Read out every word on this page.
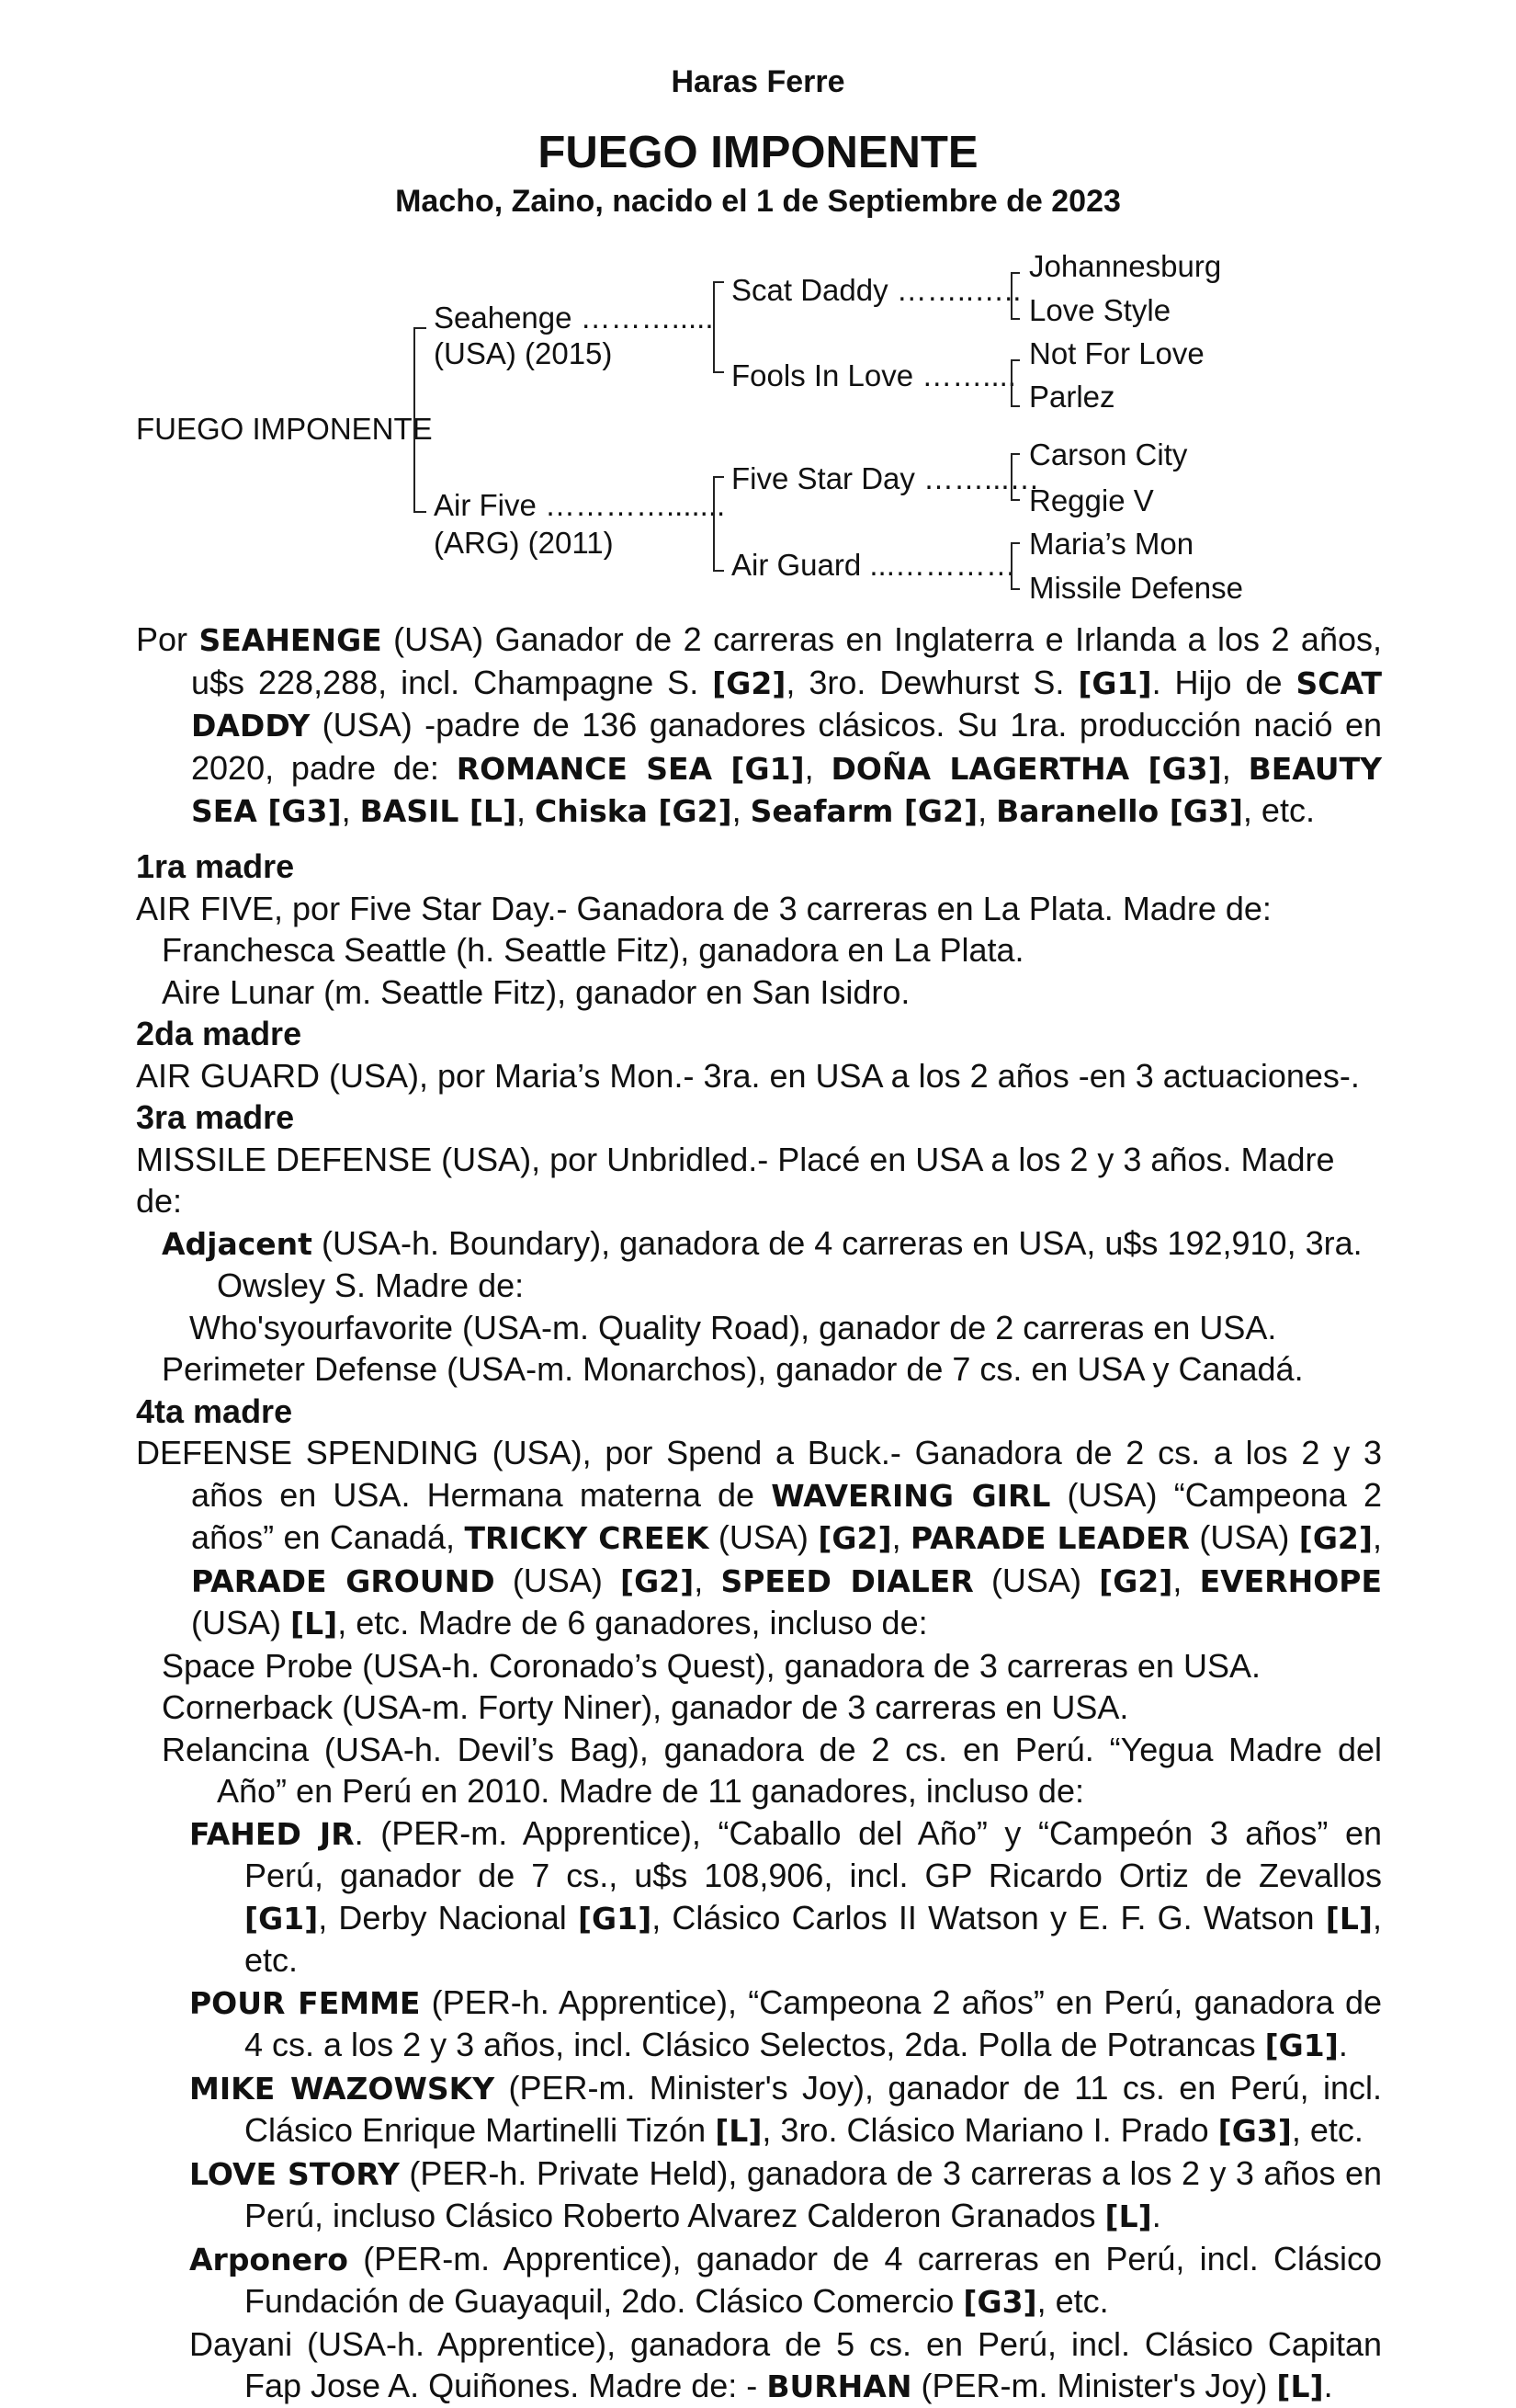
Haras Ferre
FUEGO IMPONENTE
Macho, Zaino, nacido el 1 de Septiembre de 2023
FUEGO IMPONENTE
Seahenge ……….....
(USA) (2015)
Air Five ………….......
(ARG) (2011)
Scat Daddy ……..…..
Fools In Love ……....
Five Star Day ……...…
Air Guard ...…………
Johannesburg
Love Style
Not For Love
Parlez
Carson City
Reggie V
Maria’s Mon
Missile Defense

Por SEAHENGE (USA) Ganador de 2 carreras en Inglaterra e Irlanda a los 2 años, u$s 228,288, incl. Champagne S. [G2], 3ro. Dewhurst S. [G1]. Hijo de SCAT DADDY (USA) -padre de 136 ganadores clásicos. Su 1ra. producción nació en 2020, padre de: ROMANCE SEA [G1], DOÑA LAGERTHA [G3], BEAUTY SEA [G3], BASIL [L], Chiska [G2], Seafarm [G2], Baranello [G3], etc.

1ra madre
AIR FIVE, por Five Star Day.- Ganadora de 3 carreras en La Plata. Madre de:
Franchesca Seattle (h. Seattle Fitz), ganadora en La Plata.
Aire Lunar (m. Seattle Fitz), ganador en San Isidro.
2da madre
AIR GUARD (USA), por Maria’s Mon.- 3ra. en USA a los 2 años -en 3 actuaciones-.
3ra madre
MISSILE DEFENSE (USA), por Unbridled.- Placé en USA a los 2 y 3 años. Madre de:
Adjacent (USA-h. Boundary), ganadora de 4 carreras en USA, u$s 192,910, 3ra. Owsley S. Madre de:
Who'syourfavorite (USA-m. Quality Road), ganador de 2 carreras en USA.
Perimeter Defense (USA-m. Monarchos), ganador de 7 cs. en USA y Canadá.
4ta madre
DEFENSE SPENDING (USA), por Spend a Buck.- Ganadora de 2 cs. a los 2 y 3 años en USA. Hermana materna de WAVERING GIRL (USA) “Campeona 2 años” en Canadá, TRICKY CREEK (USA) [G2], PARADE LEADER (USA) [G2], PARADE GROUND (USA) [G2], SPEED DIALER (USA) [G2], EVERHOPE (USA) [L], etc. Madre de 6 ganadores, incluso de:
Space Probe (USA-h. Coronado’s Quest), ganadora de 3 carreras en USA.
Cornerback (USA-m. Forty Niner), ganador de 3 carreras en USA.
Relancina (USA-h. Devil’s Bag), ganadora de 2 cs. en Perú. “Yegua Madre del Año” en Perú en 2010. Madre de 11 ganadores, incluso de:
FAHED JR. (PER-m. Apprentice), “Caballo del Año” y “Campeón 3 años” en Perú, ganador de 7 cs., u$s 108,906, incl. GP Ricardo Ortiz de Zevallos [G1], Derby Nacional [G1], Clásico Carlos II Watson y E. F. G. Watson [L], etc.
POUR FEMME (PER-h. Apprentice), “Campeona 2 años” en Perú, ganadora de 4 cs. a los 2 y 3 años, incl. Clásico Selectos, 2da. Polla de Potrancas [G1].
MIKE WAZOWSKY (PER-m. Minister's Joy), ganador de 11 cs. en Perú, incl. Clásico Enrique Martinelli Tizón [L], 3ro. Clásico Mariano I. Prado [G3], etc.
LOVE STORY (PER-h. Private Held), ganadora de 3 carreras a los 2 y 3 años en Perú, incluso Clásico Roberto Alvarez Calderon Granados [L].
Arponero (PER-m. Apprentice), ganador de 4 carreras en Perú, incl. Clásico Fundación de Guayaquil, 2do. Clásico Comercio [G3], etc.
Dayani (USA-h. Apprentice), ganadora de 5 cs. en Perú, incl. Clásico Capitan Fap Jose A. Quiñones. Madre de: - BURHAN (PER-m. Minister's Joy) [L].
